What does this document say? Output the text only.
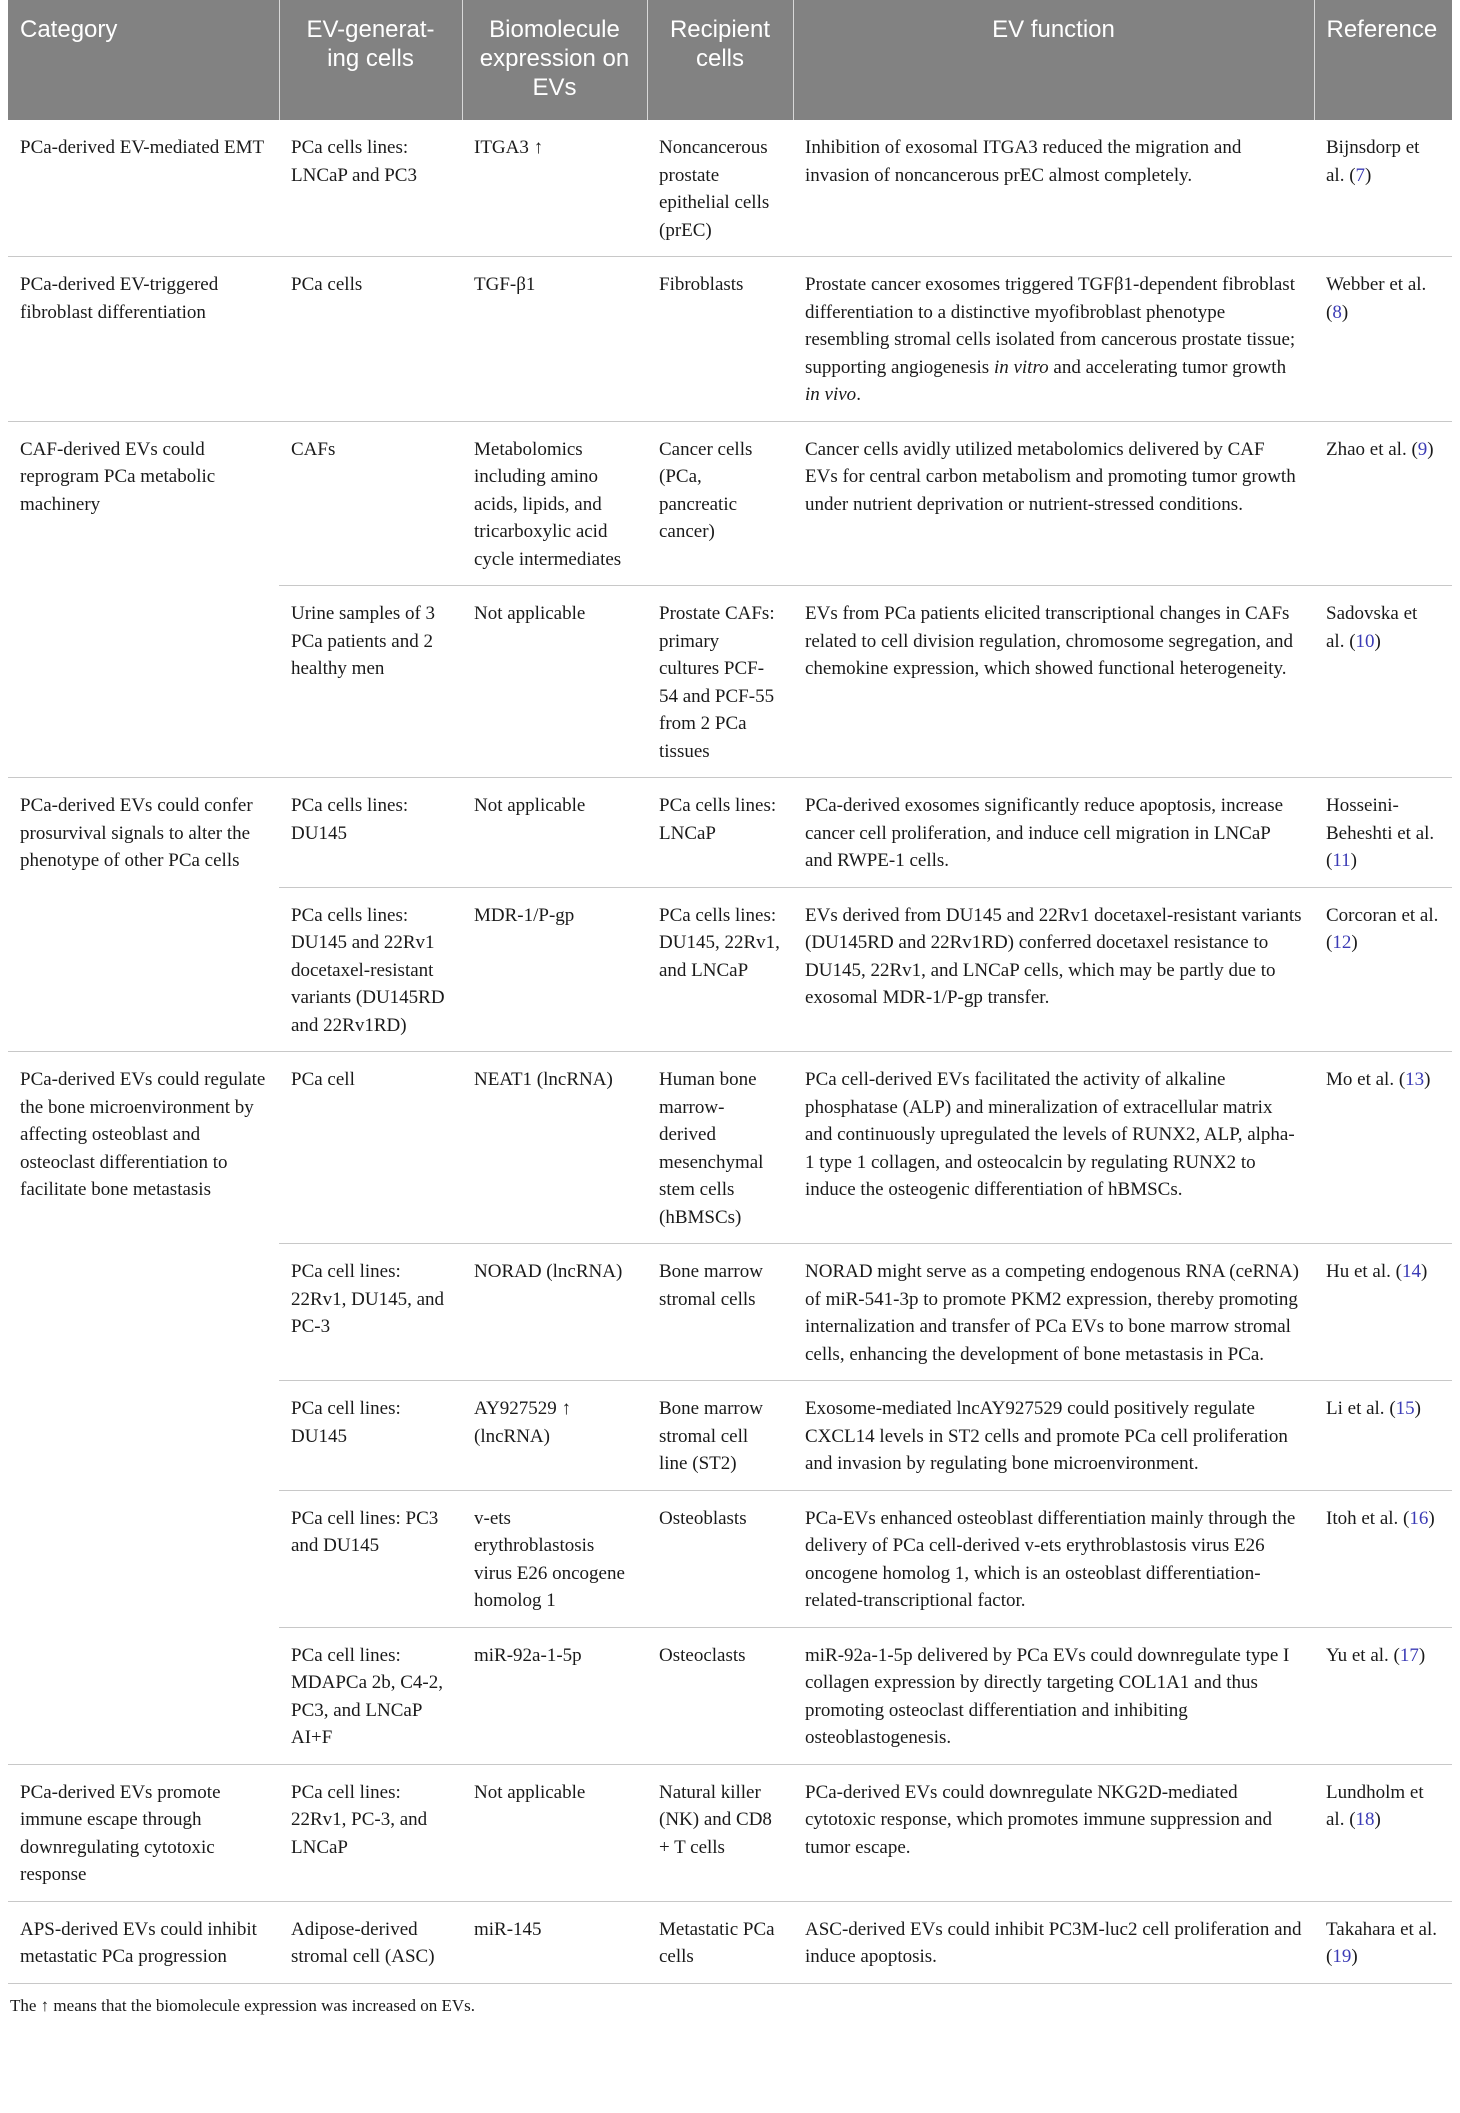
Category	EV-generat-ing cells	Biomolecule expression on EVs	Recipient cells	EV function	Reference
PCa-derived EV-mediated EMT	PCa cells lines: LNCaP and PC3	ITGA3 ↑	Noncancerous prostate epithelial cells (prEC)	Inhibition of exosomal ITGA3 reduced the migration and invasion of noncancerous prEC almost completely.	Bijnsdorp et al. (7)
PCa-derived EV-triggered fibroblast differentiation	PCa cells	TGF-β1	Fibroblasts	Prostate cancer exosomes triggered TGFβ1-dependent fibroblast differentiation to a distinctive myofibroblast phenotype resembling stromal cells isolated from cancerous prostate tissue; supporting angiogenesis in vitro and accelerating tumor growth in vivo.	Webber et al. (8)
CAF-derived EVs could reprogram PCa metabolic machinery	CAFs	Metabolomics including amino acids, lipids, and tricarboxylic acid cycle intermediates	Cancer cells (PCa, pancreatic cancer)	Cancer cells avidly utilized metabolomics delivered by CAF EVs for central carbon metabolism and promoting tumor growth under nutrient deprivation or nutrient-stressed conditions.	Zhao et al. (9)
	Urine samples of 3 PCa patients and 2 healthy men	Not applicable	Prostate CAFs: primary cultures PCF-54 and PCF-55 from 2 PCa tissues	EVs from PCa patients elicited transcriptional changes in CAFs related to cell division regulation, chromosome segregation, and chemokine expression, which showed functional heterogeneity.	Sadovska et al. (10)
PCa-derived EVs could confer prosurvival signals to alter the phenotype of other PCa cells	PCa cells lines: DU145	Not applicable	PCa cells lines: LNCaP	PCa-derived exosomes significantly reduce apoptosis, increase cancer cell proliferation, and induce cell migration in LNCaP and RWPE-1 cells.	Hosseini-Beheshti et al. (11)
	PCa cells lines: DU145 and 22Rv1 docetaxel-resistant variants (DU145RD and 22Rv1RD)	MDR-1/P-gp	PCa cells lines: DU145, 22Rv1, and LNCaP	EVs derived from DU145 and 22Rv1 docetaxel-resistant variants (DU145RD and 22Rv1RD) conferred docetaxel resistance to DU145, 22Rv1, and LNCaP cells, which may be partly due to exosomal MDR-1/P-gp transfer.	Corcoran et al. (12)
PCa-derived EVs could regulate the bone microenvironment by affecting osteoblast and osteoclast differentiation to facilitate bone metastasis	PCa cell	NEAT1 (lncRNA)	Human bone marrow-derived mesenchymal stem cells (hBMSCs)	PCa cell-derived EVs facilitated the activity of alkaline phosphatase (ALP) and mineralization of extracellular matrix and continuously upregulated the levels of RUNX2, ALP, alpha-1 type 1 collagen, and osteocalcin by regulating RUNX2 to induce the osteogenic differentiation of hBMSCs.	Mo et al. (13)
	PCa cell lines: 22Rv1, DU145, and PC-3	NORAD (lncRNA)	Bone marrow stromal cells	NORAD might serve as a competing endogenous RNA (ceRNA) of miR-541-3p to promote PKM2 expression, thereby promoting internalization and transfer of PCa EVs to bone marrow stromal cells, enhancing the development of bone metastasis in PCa.	Hu et al. (14)
	PCa cell lines: DU145	AY927529 ↑ (lncRNA)	Bone marrow stromal cell line (ST2)	Exosome-mediated lncAY927529 could positively regulate CXCL14 levels in ST2 cells and promote PCa cell proliferation and invasion by regulating bone microenvironment.	Li et al. (15)
	PCa cell lines: PC3 and DU145	v-ets erythroblastosis virus E26 oncogene homolog 1	Osteoblasts	PCa-EVs enhanced osteoblast differentiation mainly through the delivery of PCa cell-derived v-ets erythroblastosis virus E26 oncogene homolog 1, which is an osteoblast differentiation-related-transcriptional factor.	Itoh et al. (16)
	PCa cell lines: MDAPCa 2b, C4-2, PC3, and LNCaP AI+F	miR-92a-1-5p	Osteoclasts	miR-92a-1-5p delivered by PCa EVs could downregulate type I collagen expression by directly targeting COL1A1 and thus promoting osteoclast differentiation and inhibiting osteoblastogenesis.	Yu et al. (17)
PCa-derived EVs promote immune escape through downregulating cytotoxic response	PCa cell lines: 22Rv1, PC-3, and LNCaP	Not applicable	Natural killer (NK) and CD8 + T cells	PCa-derived EVs could downregulate NKG2D-mediated cytotoxic response, which promotes immune suppression and tumor escape.	Lundholm et al. (18)
APS-derived EVs could inhibit metastatic PCa progression	Adipose-derived stromal cell (ASC)	miR-145	Metastatic PCa cells	ASC-derived EVs could inhibit PC3M-luc2 cell proliferation and induce apoptosis.	Takahara et al. (19)
The ↑ means that the biomolecule expression was increased on EVs.
